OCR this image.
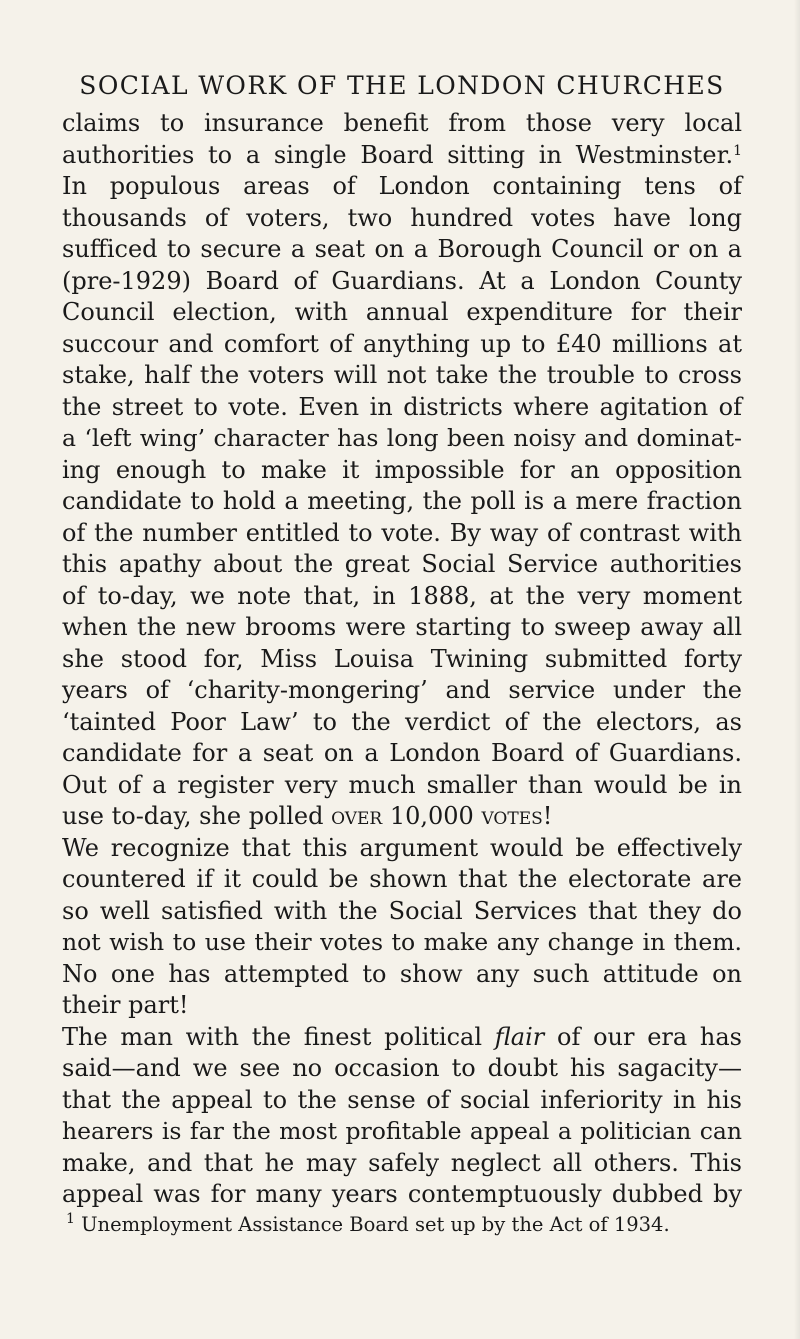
SOCIAL WORK OF THE LONDON CHURCHES
claims to insurance benefit from those very local
authorities to a single Board sitting in Westminster.$^1$
In populous areas of London containing tens of
thousands of voters, two hundred votes have long
sufficed to secure a seat on a Borough Council or on a
(pre-1929) Board of Guardians. At a London County
Council election, with annual expenditure for their
succour and comfort of anything up to £40 millions at
stake, half the voters will not take the trouble to cross
the street to vote. Even in districts where agitation of
a ‘left wing’ character has long been noisy and dominat-
ing enough to make it impossible for an opposition
candidate to hold a meeting, the poll is a mere fraction
of the number entitled to vote. By way of contrast with
this apathy about the great Social Service authorities
of to-day, we note that, in 1888, at the very moment
when the new brooms were starting to sweep away all
she stood for, Miss Louisa Twining submitted forty
years of ‘charity-mongering’ and service under the
‘tainted Poor Law’ to the verdict of the electors, as
candidate for a seat on a London Board of Guardians.
Out of a register very much smaller than would be in
use to-day, she polled over 10,000 votes!
We recognize that this argument would be effectively
countered if it could be shown that the electorate are
so well satisfied with the Social Services that they do
not wish to use their votes to make any change in them.
No one has attempted to show any such attitude on
their part!
The man with the finest political flair of our era has
said—and we see no occasion to doubt his sagacity—
that the appeal to the sense of social inferiority in his
hearers is far the most profitable appeal a politician can
make, and that he may safely neglect all others. This
appeal was for many years contemptuously dubbed by
$^1$ Unemployment Assistance Board set up by the Act of 1934.
